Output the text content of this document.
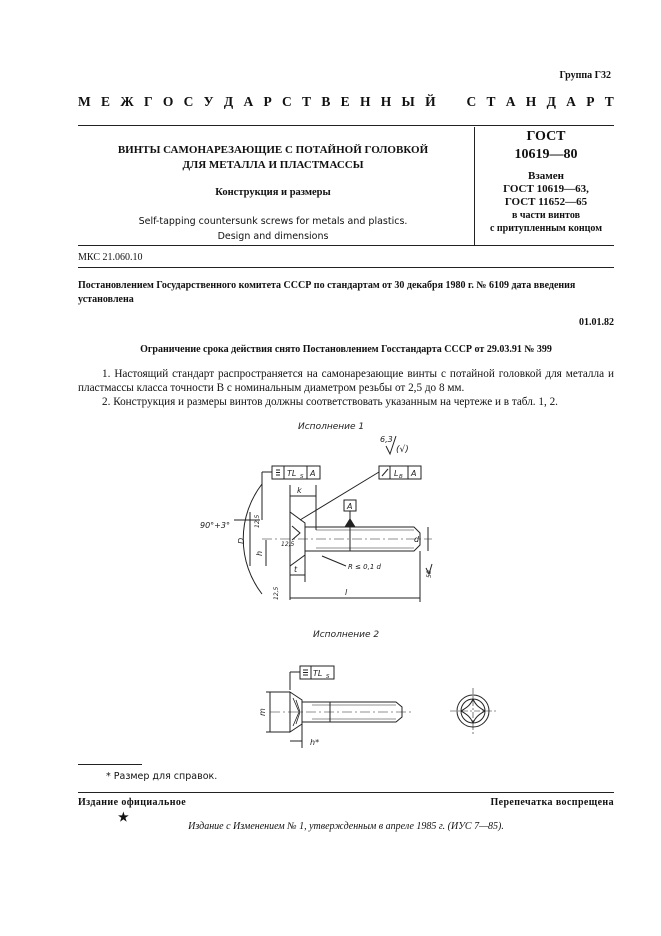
Группа Г32
М Е Ж Г О С У Д А Р С Т В Е Н Н Ы Й С Т А Н Д А Р Т
ВИНТЫ САМОНАРЕЗАЮЩИЕ С ПОТАЙНОЙ ГОЛОВКОЙ
ДЛЯ МЕТАЛЛА И ПЛАСТМАССЫ
Конструкция и размеры
Self-tapping countersunk screws for metals and plastics.
Design and dimensions
ГОСТ
10619—80
Взамен
ГОСТ 10619—63,
ГОСТ 11652—65
в части винтов
с притупленным концом
МКС 21.060.10
Постановлением Государственного комитета СССР по стандартам от 30 декабря 1980 г. № 6109 дата введения установлена
01.01.82
Ограничение срока действия снято Постановлением Госстандарта СССР от 29.03.91 № 399
1. Настоящий стандарт распространяется на самонарезающие винты с потайной головкой для металла и пластмассы класса точности В с номинальным диаметром резьбы от 2,5 до 8 мм.
2. Конструкция и размеры винтов должны соответствовать указанным на чертеже и в табл. 1, 2.
Исполнение 1
6,3
(√)
TL S A	L B A
A
k
90°+3°
D
h
12,5
12,5
d
R ≤ 0,1 d
t
l
12,5
50
Исполнение 2
TL S
m
h*
* Размер для справок.
Издание официальное	Перепечатка воспрещена
★
Издание с Изменением № 1, утвержденным в апреле 1985 г. (ИУС 7—85).
